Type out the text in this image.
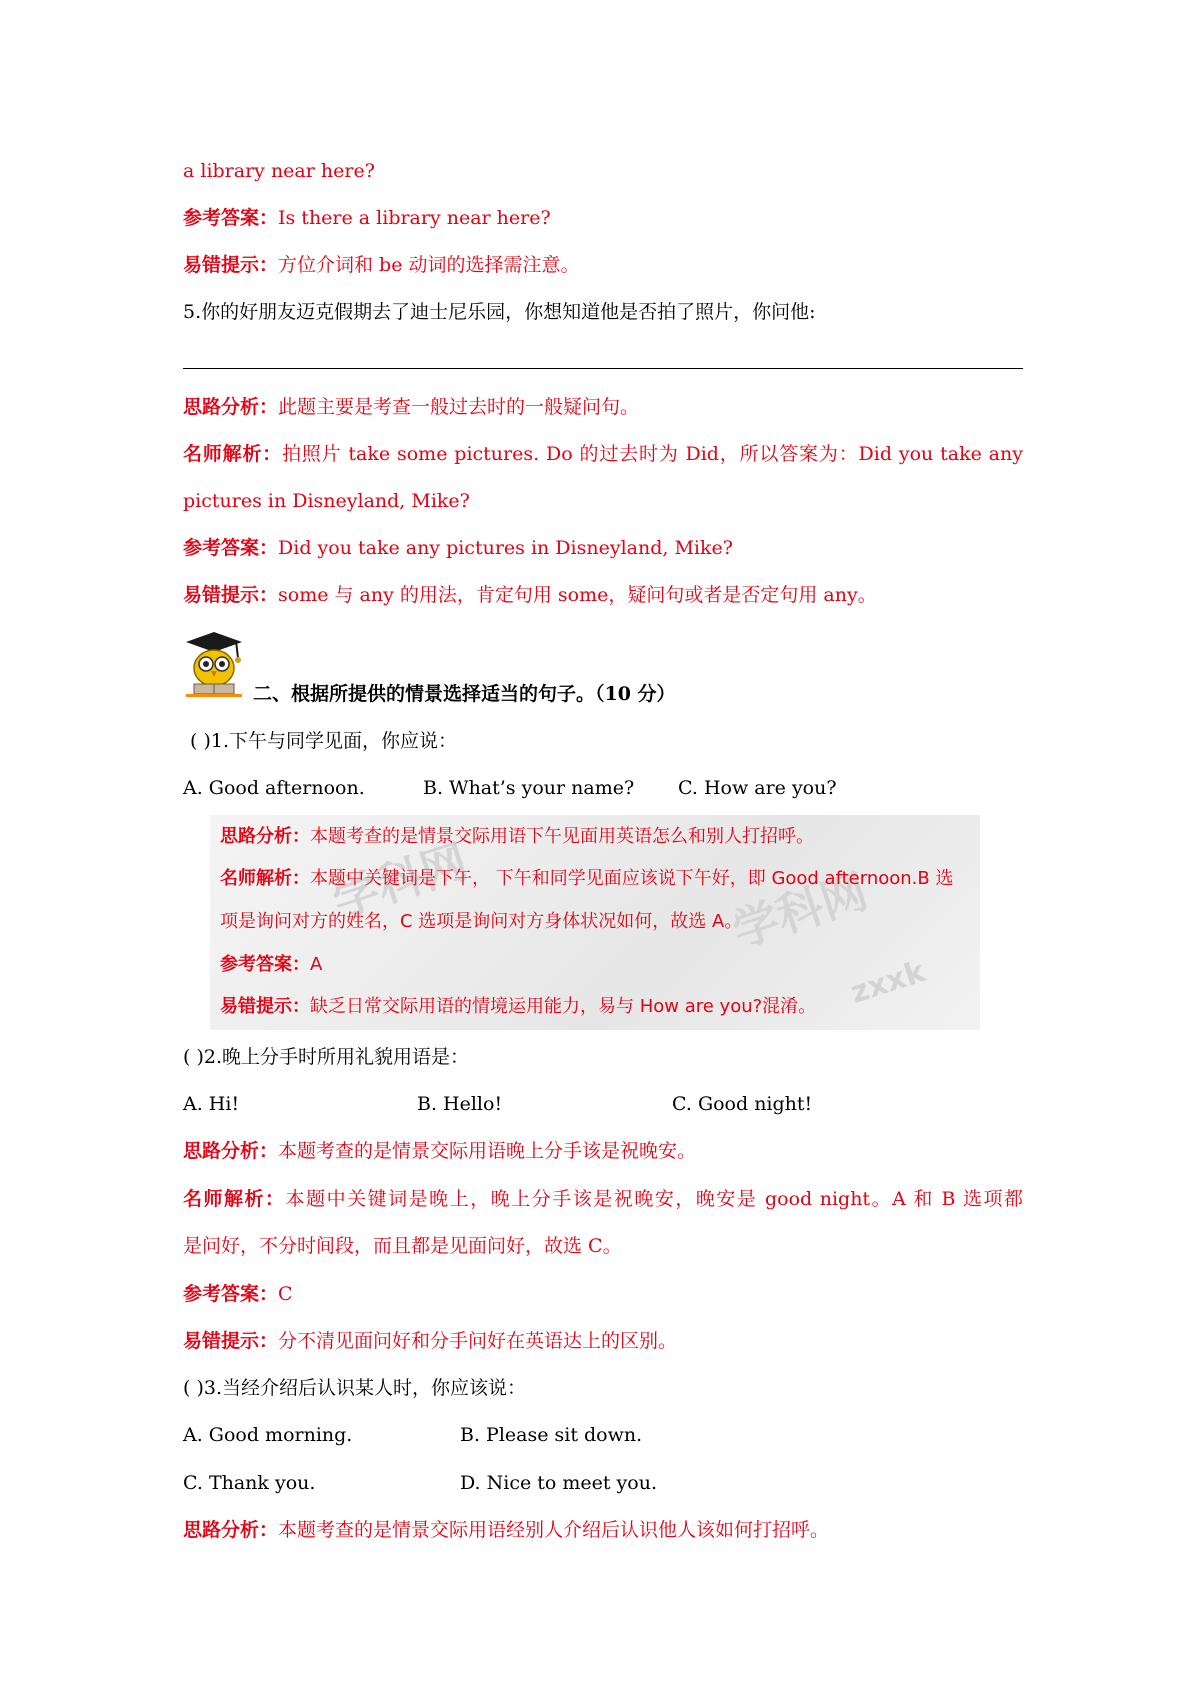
a library near here?
参考答案：Is there a library near here?
易错提示：方位介词和 be 动词的选择需注意。
5.你的好朋友迈克假期去了迪士尼乐园，你想知道他是否拍了照片，你问他:
思路分析：此题主要是考查一般过去时的一般疑问句。
名师解析：拍照片 take some pictures. Do 的过去时为 Did，所以答案为：Did you take any
pictures in Disneyland, Mike?
参考答案：Did you take any pictures in Disneyland, Mike?
易错提示：some 与 any 的用法，肯定句用 some，疑问句或者是否定句用 any。
二、根据所提供的情景选择适当的句子。（10 分）
( )1.下午与同学见面，你应说：
A. Good afternoon.	B. What’s your name? C. How are you?
学科网	学科网
zxxk
思路分析：本题考查的是情景交际用语下午见面用英语怎么和别人打招呼。
名师解析：本题中关键词是下午， 下午和同学见面应该说下午好，即 Good afternoon.B 选
项是询问对方的姓名，C 选项是询问对方身体状况如何，故选 A。
参考答案：A
易错提示：缺乏日常交际用语的情境运用能力，易与 How are you?混淆。
( )2.晚上分手时所用礼貌用语是：
A. Hi!	B. Hello!	C. Good night!
思路分析：本题考查的是情景交际用语晚上分手该是祝晚安。
名师解析：本题中关键词是晚上，晚上分手该是祝晚安，晚安是 good night。A 和 B 选项都
是问好，不分时间段，而且都是见面问好，故选 C。
参考答案：C
易错提示：分不清见面问好和分手问好在英语达上的区别。
( )3.当经介绍后认识某人时，你应该说：
A. Good morning.	B. Please sit down.
C. Thank you.	D. Nice to meet you.
思路分析：本题考查的是情景交际用语经别人介绍后认识他人该如何打招呼。
